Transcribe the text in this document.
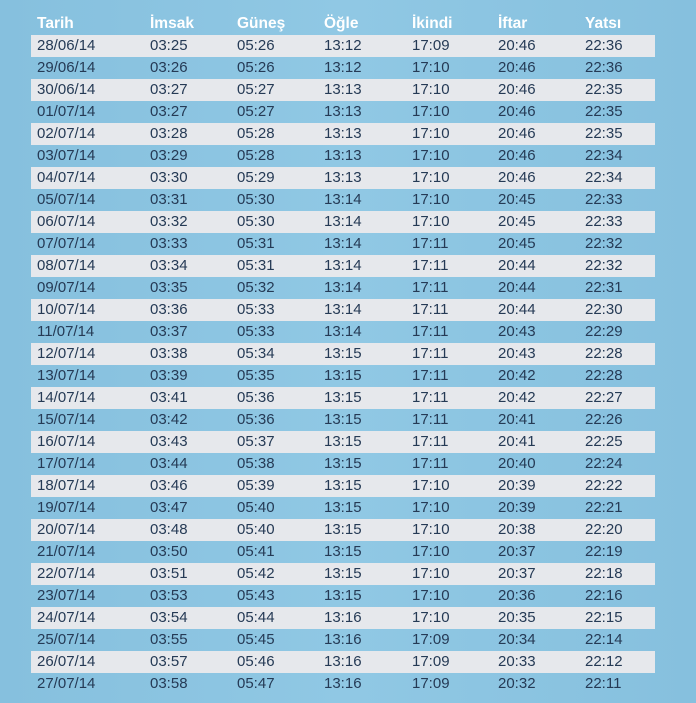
Tarih	İmsak	Güneş	Öğle	İkindi	İftar	Yatsı
28/06/14	03:25	05:26	13:12	17:09	20:46	22:36
29/06/14	03:26	05:26	13:12	17:10	20:46	22:36
30/06/14	03:27	05:27	13:13	17:10	20:46	22:35
01/07/14	03:27	05:27	13:13	17:10	20:46	22:35
02/07/14	03:28	05:28	13:13	17:10	20:46	22:35
03/07/14	03:29	05:28	13:13	17:10	20:46	22:34
04/07/14	03:30	05:29	13:13	17:10	20:46	22:34
05/07/14	03:31	05:30	13:14	17:10	20:45	22:33
06/07/14	03:32	05:30	13:14	17:10	20:45	22:33
07/07/14	03:33	05:31	13:14	17:11	20:45	22:32
08/07/14	03:34	05:31	13:14	17:11	20:44	22:32
09/07/14	03:35	05:32	13:14	17:11	20:44	22:31
10/07/14	03:36	05:33	13:14	17:11	20:44	22:30
11/07/14	03:37	05:33	13:14	17:11	20:43	22:29
12/07/14	03:38	05:34	13:15	17:11	20:43	22:28
13/07/14	03:39	05:35	13:15	17:11	20:42	22:28
14/07/14	03:41	05:36	13:15	17:11	20:42	22:27
15/07/14	03:42	05:36	13:15	17:11	20:41	22:26
16/07/14	03:43	05:37	13:15	17:11	20:41	22:25
17/07/14	03:44	05:38	13:15	17:11	20:40	22:24
18/07/14	03:46	05:39	13:15	17:10	20:39	22:22
19/07/14	03:47	05:40	13:15	17:10	20:39	22:21
20/07/14	03:48	05:40	13:15	17:10	20:38	22:20
21/07/14	03:50	05:41	13:15	17:10	20:37	22:19
22/07/14	03:51	05:42	13:15	17:10	20:37	22:18
23/07/14	03:53	05:43	13:15	17:10	20:36	22:16
24/07/14	03:54	05:44	13:16	17:10	20:35	22:15
25/07/14	03:55	05:45	13:16	17:09	20:34	22:14
26/07/14	03:57	05:46	13:16	17:09	20:33	22:12
27/07/14	03:58	05:47	13:16	17:09	20:32	22:11
